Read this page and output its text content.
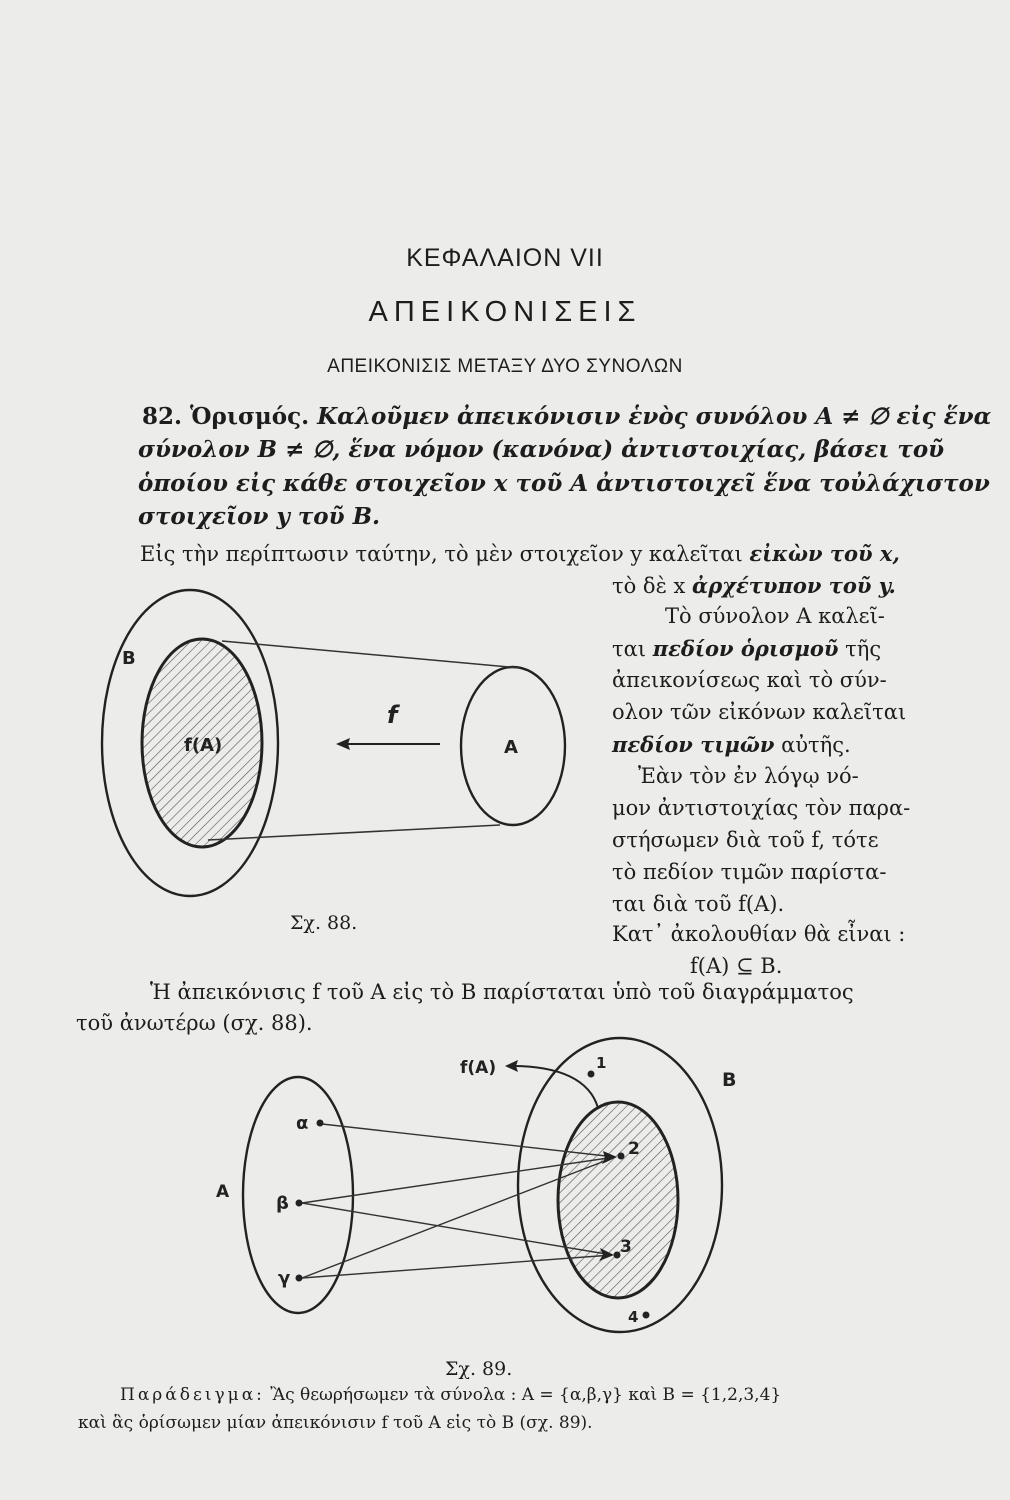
ΚΕΦΑΛΑΙΟΝ VII
ΑΠΕΙΚΟΝΙΣΕΙΣ
ΑΠΕΙΚΟΝΙΣΙΣ ΜΕΤΑΞΥ ΔΥΟ ΣΥΝΟΛΩΝ
82. Ὁρισμός. Καλοῦμεν ἀπεικόνισιν ἑνὸς συνόλου A ≠ ∅ εἰς ἕνα
σύνολον B ≠ ∅, ἕνα νόμον (κανόνα) ἀντιστοιχίας, βάσει τοῦ
ὁποίου εἰς κάθε στοιχεῖον x τοῦ A ἀντιστοιχεῖ ἕνα τοὐλάχιστον
στοιχεῖον y τοῦ B.
Εἰς τὴν περίπτωσιν ταύτην, τὸ μὲν στοιχεῖον y καλεῖται εἰκὼν τοῦ x,
τὸ δὲ x ἀρχέτυπον τοῦ y.
Τὸ σύνολον A καλεῖ-
ται πεδίον ὁρισμοῦ τῆς
ἀπεικονίσεως καὶ τὸ σύν-
ολον τῶν εἰκόνων καλεῖται
πεδίον τιμῶν αὐτῆς.
Ἐὰν τὸν ἐν λόγῳ νό-
μον ἀντιστοιχίας τὸν παρα-
στήσωμεν διὰ τοῦ f, τότε
τὸ πεδίον τιμῶν παρίστα-
ται διὰ τοῦ f(A).
Κατ᾽ ἀκολουθίαν θὰ εἶναι :
f(A) ⊆ B.
B
f(A)
f
A
Σχ. 88.
Ἡ ἀπεικόνισις f τοῦ A εἰς τὸ B παρίσταται ὑπὸ τοῦ διαγράμματος
τοῦ ἀνωτέρω (σχ. 88).
A
B
f(A)
α
β
γ
1
2
3
4
Σχ. 89.
Παράδειγμα: Ἂς θεωρήσωμεν τὰ σύνολα : A = {α,β,γ} καὶ B = {1,2,3,4}
καὶ ἃς ὁρίσωμεν μίαν ἀπεικόνισιν f τοῦ A εἰς τὸ B (σχ. 89).
